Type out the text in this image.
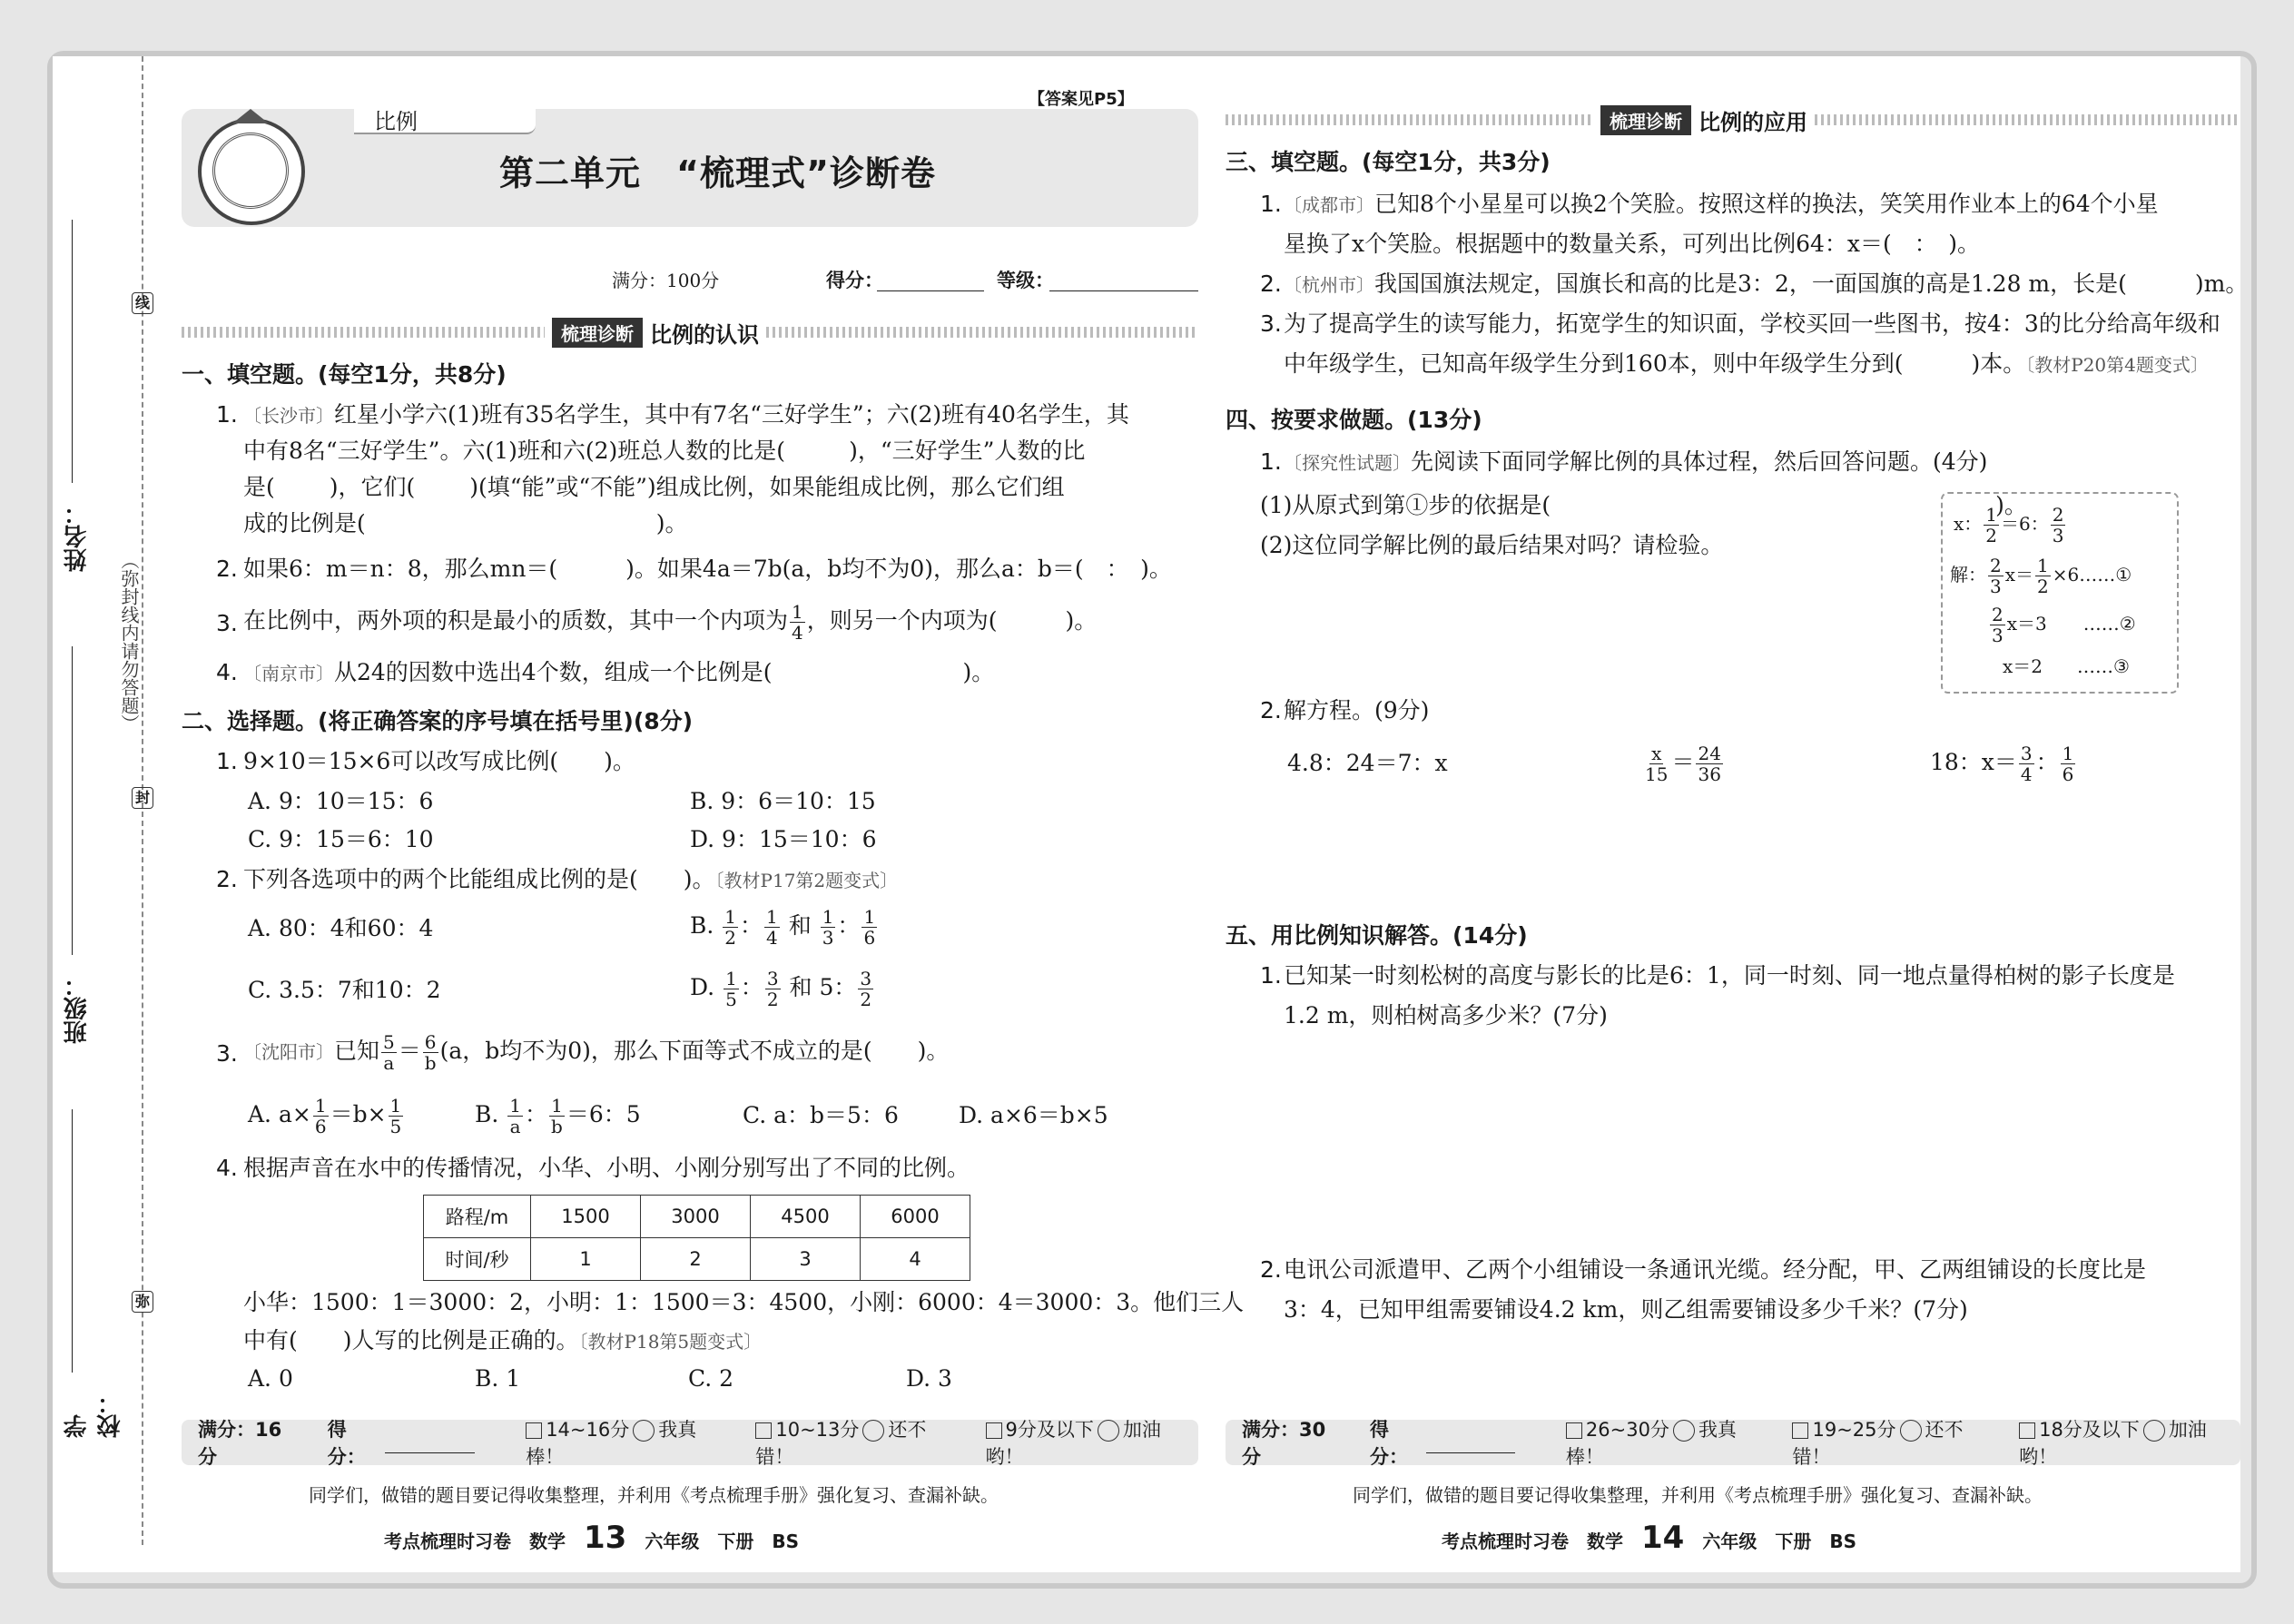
线
封
弥
（弥封线内请勿答题）
姓名：
班级：
学校：
【答案见P5】
比例
第二单元　“梳理式”诊断卷
满分：100分	得分：	等级：
梳理诊断 比例的认识
一、填空题。(每空1分，共8分)
1. 〔长沙市〕红星小学六(1)班有35名学生，其中有7名“三好学生”；六(2)班有40名学生，其
中有8名“三好学生”。六(1)班和六(2)班总人数的比是(	)，“三好学生”人数的比
是( )，它们( )(填“能”或“不能”)组成比例，如果能组成比例，那么它们组
成的比例是(	)。
2. 如果6：m＝n：8，那么mn＝(　　　)。如果4a＝7b(a，b均不为0)，那么a：b＝(　：　)。
3. 在比例中，两外项的积是最小的质数，其中一个内项为 $\frac{1}{4}$ ，则另一个内项为(　　　)。
4. 〔南京市〕从24的因数中选出4个数，组成一个比例是(	)。
二、选择题。(将正确答案的序号填在括号里)(8分)
1. 9×10＝15×6可以改写成比例(　　)。
A. 9：10＝15：6	B. 9：6＝10：15
C. 9：15＝6：10	D. 9：15＝10：6
2. 下列各选项中的两个比能组成比例的是(　　)。〔教材P17第2题变式〕
A. 80：4和60：4	B. $\frac{1}{2}$ ： $\frac{1}{4}$ 和 $\frac{1}{3}$ ： $\frac{1}{6}$
C. 3.5：7和10：2	D. $\frac{1}{5}$ ： $\frac{3}{2}$ 和 5： $\frac{3}{2}$
3. 〔沈阳市〕已知 $\frac{5}{a} = \frac{6}{b} (a$，b均不为0)，那么下面等式不成立的是(　　)。
A. $a\times \frac{1}{6} =b\times \frac{1}{5}$	B. $\frac{1}{a}$ ： $\frac{1}{b} =6$：5	C. a：b＝5：6	D. a×6＝b×5
4. 根据声音在水中的传播情况，小华、小明、小刚分别写出了不同的比例。
路程/m	1500	3000	4500	6000
时间/秒	1	2	3	4
小华：1500：1＝3000：2，小明：1：1500＝3：4500，小刚：6000：4＝3000：3。他们三人
中有(　　)人写的比例是正确的。〔教材P18第5题变式〕
A. 0	B. 1	C. 2	D. 3
满分：16分
得分：
14~16分 我真棒！
10~13分 还不错！
9分及以下 加油哟！
同学们，做错的题目要记得收集整理，并利用《考点梳理手册》强化复习、查漏补缺。
考点梳理时习卷 数学 13 六年级 下册 BS
梳理诊断 比例的应用
三、填空题。(每空1分，共3分)
1. 〔成都市〕已知8个小星星可以换2个笑脸。按照这样的换法，笑笑用作业本上的64个小星
星换了x个笑脸。根据题中的数量关系，可列出比例64：x＝(　：　)。
2. 〔杭州市〕我国国旗法规定，国旗长和高的比是3：2，一面国旗的高是1.28 m，长是(　　　)m。
3. 为了提高学生的读写能力，拓宽学生的知识面，学校买回一些图书，按4：3的比分给高年级和
中年级学生，已知高年级学生分到160本，则中年级学生分到(　　　)本。〔教材P20第4题变式〕
四、按要求做题。(13分)
1. 〔探究性试题〕先阅读下面同学解比例的具体过程，然后回答问题。(4分)
(1)从原式到第①步的依据是(	)。
(2)这位同学解比例的最后结果对吗？请检验。
x： $\frac{1}{2} =6$： $\frac{2}{3}$
解： $\frac{2}{3} x= \frac{1}{2}$ ×6……①
$\frac{2}{3} x=3$ ……②
x＝2 ……③
2. 解方程。(9分)
4.8：24＝7：x	$\frac{x}{15} = \frac{24}{36}$	18：$x= \frac{3}{4}$ ： $\frac{1}{6}$
五、用比例知识解答。(14分)
1. 已知某一时刻松树的高度与影长的比是6：1，同一时刻、同一地点量得柏树的影子长度是
1.2 m，则柏树高多少米？(7分)
2. 电讯公司派遣甲、乙两个小组铺设一条通讯光缆。经分配，甲、乙两组铺设的长度比是
3：4，已知甲组需要铺设4.2 km，则乙组需要铺设多少千米？(7分)
满分：30分
得分：
26~30分 我真棒！
19~25分 还不错！
18分及以下 加油哟！
同学们，做错的题目要记得收集整理，并利用《考点梳理手册》强化复习、查漏补缺。
考点梳理时习卷 数学 14 六年级 下册 BS
